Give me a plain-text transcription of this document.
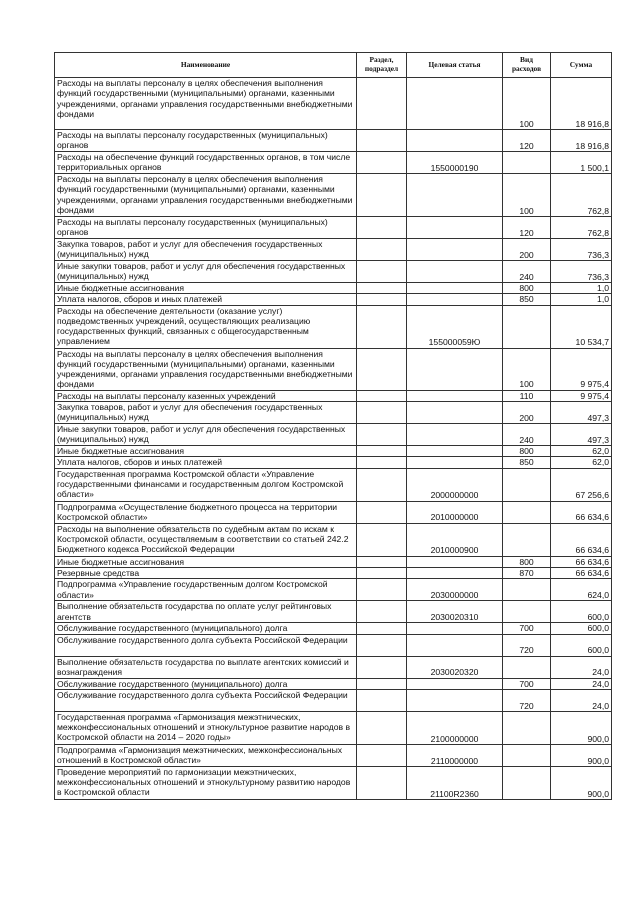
Наименование	Раздел, подраздел	Целевая статья	Вид расходов	Сумма
Расходы на выплаты персоналу в целях обеспечения выполнения функций государственными (муниципальными) органами, казенными учреждениями, органами управления государственными внебюджетными фондами			100	18 916,8
Расходы на выплаты персоналу государственных (муниципальных) органов			120	18 916,8
Расходы на обеспечение функций государственных органов, в том числе территориальных органов		1550000190		1 500,1
Расходы на выплаты персоналу в целях обеспечения выполнения функций государственными (муниципальными) органами, казенными учреждениями, органами управления государственными внебюджетными фондами			100	762,8
Расходы на выплаты персоналу государственных (муниципальных) органов			120	762,8
Закупка товаров, работ и услуг для обеспечения государственных (муниципальных) нужд			200	736,3
Иные закупки товаров, работ и услуг для обеспечения государственных (муниципальных) нужд			240	736,3
Иные бюджетные ассигнования			800	1,0
Уплата налогов, сборов и иных платежей			850	1,0
Расходы на обеспечение деятельности (оказание услуг) подведомственных учреждений, осуществляющих реализацию государственных функций, связанных с общегосударственным управлением		155000059Ю		10 534,7
Расходы на выплаты персоналу в целях обеспечения выполнения функций государственными (муниципальными) органами, казенными учреждениями, органами управления государственными внебюджетными фондами			100	9 975,4
Расходы на выплаты персоналу казенных учреждений			110	9 975,4
Закупка товаров, работ и услуг для обеспечения государственных (муниципальных) нужд			200	497,3
Иные закупки товаров, работ и услуг для обеспечения государственных (муниципальных) нужд			240	497,3
Иные бюджетные ассигнования			800	62,0
Уплата налогов, сборов и иных платежей			850	62,0
Государственная программа Костромской области «Управление государственными финансами и государственным долгом Костромской области»		2000000000		67 256,6
Подпрограмма «Осуществление бюджетного процесса на территории Костромской области»		2010000000		66 634,6
Расходы на выполнение обязательств по судебным актам по искам к Костромской области, осуществляемым в соответствии со статьей 242.2 Бюджетного кодекса Российской Федерации		2010000900		66 634,6
Иные бюджетные ассигнования			800	66 634,6
Резервные средства			870	66 634,6
Подпрограмма «Управление государственным долгом Костромской области»		2030000000		624,0
Выполнение обязательств государства по оплате услуг рейтинговых агентств		2030020310		600,0
Обслуживание государственного (муниципального) долга			700	600,0
Обслуживание государственного долга субъекта Российской Федерации			720	600,0
Выполнение обязательств государства по выплате агентских комиссий и вознаграждения		2030020320		24,0
Обслуживание государственного (муниципального) долга			700	24,0
Обслуживание государственного долга субъекта Российской Федерации			720	24,0
Государственная программа «Гармонизация межэтнических, межконфессиональных отношений и этнокультурное развитие народов в Костромской области на 2014 – 2020 годы»		2100000000		900,0
Подпрограмма «Гармонизация межэтнических, межконфессиональных отношений в Костромской области»		2110000000		900,0
Проведение мероприятий по гармонизации межэтнических, межконфессиональных отношений и этнокультурному развитию народов в Костромской области		21100R2360		900,0
